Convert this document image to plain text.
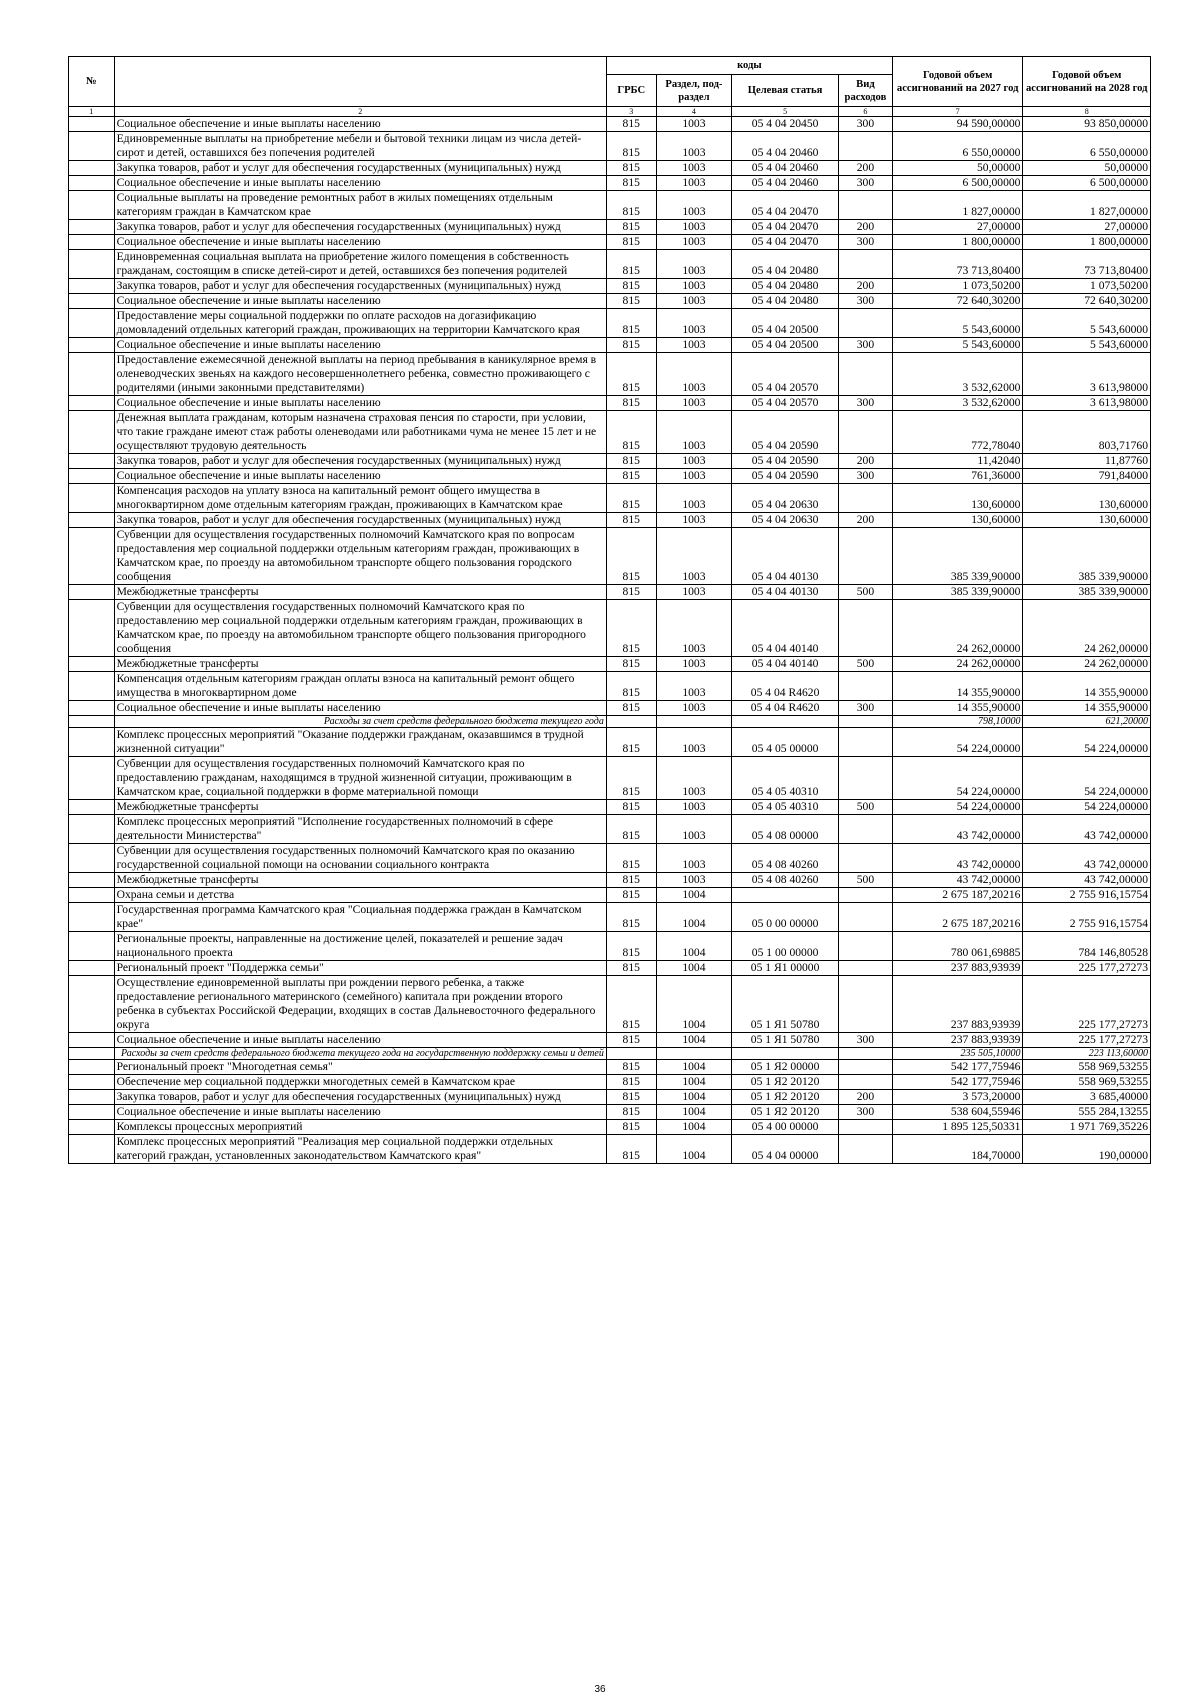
№		коды				Годовой объем ассигнований на 2027 год	Годовой объем ассигнований на 2028 год
		ГРБС	Раздел, под-раздел	Целевая статья	Вид расходов		
1	2	3	4	5	6	7	8
	Социальное обеспечение и иные выплаты населению	815	1003	05 4 04 20450	300	94 590,00000	93 850,00000
	Единовременные выплаты на приобретение мебели и бытовой техники лицам из числа детей-сирот и детей, оставшихся без попечения родителей	815	1003	05 4 04 20460		6 550,00000	6 550,00000
	Закупка товаров, работ и услуг для обеспечения государственных (муниципальных) нужд	815	1003	05 4 04 20460	200	50,00000	50,00000
	Социальное обеспечение и иные выплаты населению	815	1003	05 4 04 20460	300	6 500,00000	6 500,00000
	Социальные выплаты на проведение ремонтных работ в жилых помещениях отдельным категориям граждан в Камчатском крае	815	1003	05 4 04 20470		1 827,00000	1 827,00000
	Закупка товаров, работ и услуг для обеспечения государственных (муниципальных) нужд	815	1003	05 4 04 20470	200	27,00000	27,00000
	Социальное обеспечение и иные выплаты населению	815	1003	05 4 04 20470	300	1 800,00000	1 800,00000
	Единовременная социальная выплата на приобретение жилого помещения в собственность гражданам, состоящим в списке детей-сирот и детей, оставшихся без попечения родителей	815	1003	05 4 04 20480		73 713,80400	73 713,80400
	Закупка товаров, работ и услуг для обеспечения государственных (муниципальных) нужд	815	1003	05 4 04 20480	200	1 073,50200	1 073,50200
	Социальное обеспечение и иные выплаты населению	815	1003	05 4 04 20480	300	72 640,30200	72 640,30200
	Предоставление меры социальной поддержки по оплате расходов на догазификацию домовладений отдельных категорий граждан, проживающих на территории Камчатского края	815	1003	05 4 04 20500		5 543,60000	5 543,60000
	Социальное обеспечение и иные выплаты населению	815	1003	05 4 04 20500	300	5 543,60000	5 543,60000
	Предоставление ежемесячной денежной выплаты на период пребывания в каникулярное время в оленеводческих звеньях на каждого несовершеннолетнего ребенка, совместно проживающего с родителями (иными законными представителями)	815	1003	05 4 04 20570		3 532,62000	3 613,98000
	Социальное обеспечение и иные выплаты населению	815	1003	05 4 04 20570	300	3 532,62000	3 613,98000
	Денежная выплата гражданам, которым назначена страховая пенсия по старости, при условии, что такие граждане имеют стаж работы оленеводами или работниками чума не менее 15 лет и не осуществляют трудовую деятельность	815	1003	05 4 04 20590		772,78040	803,71760
	Закупка товаров, работ и услуг для обеспечения государственных (муниципальных) нужд	815	1003	05 4 04 20590	200	11,42040	11,87760
	Социальное обеспечение и иные выплаты населению	815	1003	05 4 04 20590	300	761,36000	791,84000
	Компенсация расходов на уплату взноса на капитальный ремонт общего имущества в многоквартирном доме отдельным категориям граждан, проживающих в Камчатском крае	815	1003	05 4 04 20630		130,60000	130,60000
	Закупка товаров, работ и услуг для обеспечения государственных (муниципальных) нужд	815	1003	05 4 04 20630	200	130,60000	130,60000
	Субвенции для осуществления государственных полномочий Камчатского края по вопросам предоставления мер социальной поддержки отдельным категориям граждан, проживающих в Камчатском крае, по проезду на автомобильном транспорте общего пользования городского сообщения	815	1003	05 4 04 40130		385 339,90000	385 339,90000
	Межбюджетные трансферты	815	1003	05 4 04 40130	500	385 339,90000	385 339,90000
	Субвенции для осуществления государственных полномочий Камчатского края по предоставлению мер социальной поддержки отдельным категориям граждан, проживающих в Камчатском крае, по проезду на автомобильном транспорте общего пользования пригородного сообщения	815	1003	05 4 04 40140		24 262,00000	24 262,00000
	Межбюджетные трансферты	815	1003	05 4 04 40140	500	24 262,00000	24 262,00000
	Компенсация отдельным категориям граждан оплаты взноса на капитальный ремонт общего имущества в многоквартирном доме	815	1003	05 4 04 R4620		14 355,90000	14 355,90000
	Социальное обеспечение и иные выплаты населению	815	1003	05 4 04 R4620	300	14 355,90000	14 355,90000
	Расходы за счет средств федерального бюджета текущего года					798,10000	621,20000
	Комплекс процессных мероприятий "Оказание поддержки гражданам, оказавшимся в трудной жизненной ситуации"	815	1003	05 4 05 00000		54 224,00000	54 224,00000
	Субвенции для осуществления государственных полномочий Камчатского края по предоставлению гражданам, находящимся в трудной жизненной ситуации, проживающим в Камчатском крае, социальной поддержки в форме материальной помощи	815	1003	05 4 05 40310		54 224,00000	54 224,00000
	Межбюджетные трансферты	815	1003	05 4 05 40310	500	54 224,00000	54 224,00000
	Комплекс процессных мероприятий "Исполнение государственных полномочий в сфере деятельности Министерства"	815	1003	05 4 08 00000		43 742,00000	43 742,00000
	Субвенции для осуществления государственных полномочий Камчатского края по оказанию государственной социальной помощи на основании социального контракта	815	1003	05 4 08 40260		43 742,00000	43 742,00000
	Межбюджетные трансферты	815	1003	05 4 08 40260	500	43 742,00000	43 742,00000
	Охрана семьи и детства	815	1004			2 675 187,20216	2 755 916,15754
	Государственная программа Камчатского края "Социальная поддержка граждан в Камчатском крае"	815	1004	05 0 00 00000		2 675 187,20216	2 755 916,15754
	Региональные проекты, направленные на достижение целей, показателей и решение задач национального проекта	815	1004	05 1 00 00000		780 061,69885	784 146,80528
	Региональный проект "Поддержка семьи"	815	1004	05 1 Я1 00000		237 883,93939	225 177,27273
	Осуществление единовременной выплаты при рождении первого ребенка, а также предоставление регионального материнского (семейного) капитала при рождении второго ребенка в субъектах Российской Федерации, входящих в состав Дальневосточного федерального округа	815	1004	05 1 Я1 50780		237 883,93939	225 177,27273
	Социальное обеспечение и иные выплаты населению	815	1004	05 1 Я1 50780	300	237 883,93939	225 177,27273
	Расходы за счет средств федерального бюджета текущего года на государственную поддержку семьи и детей					235 505,10000	223 113,60000
	Региональный проект "Многодетная семья"	815	1004	05 1 Я2 00000		542 177,75946	558 969,53255
	Обеспечение мер социальной поддержки многодетных семей в Камчатском крае	815	1004	05 1 Я2 20120		542 177,75946	558 969,53255
	Закупка товаров, работ и услуг для обеспечения государственных (муниципальных) нужд	815	1004	05 1 Я2 20120	200	3 573,20000	3 685,40000
	Социальное обеспечение и иные выплаты населению	815	1004	05 1 Я2 20120	300	538 604,55946	555 284,13255
	Комплексы процессных мероприятий	815	1004	05 4 00 00000		1 895 125,50331	1 971 769,35226
	Комплекс процессных мероприятий "Реализация мер социальной поддержки отдельных категорий граждан, установленных законодательством Камчатского края"	815	1004	05 4 04 00000		184,70000	190,00000
36
